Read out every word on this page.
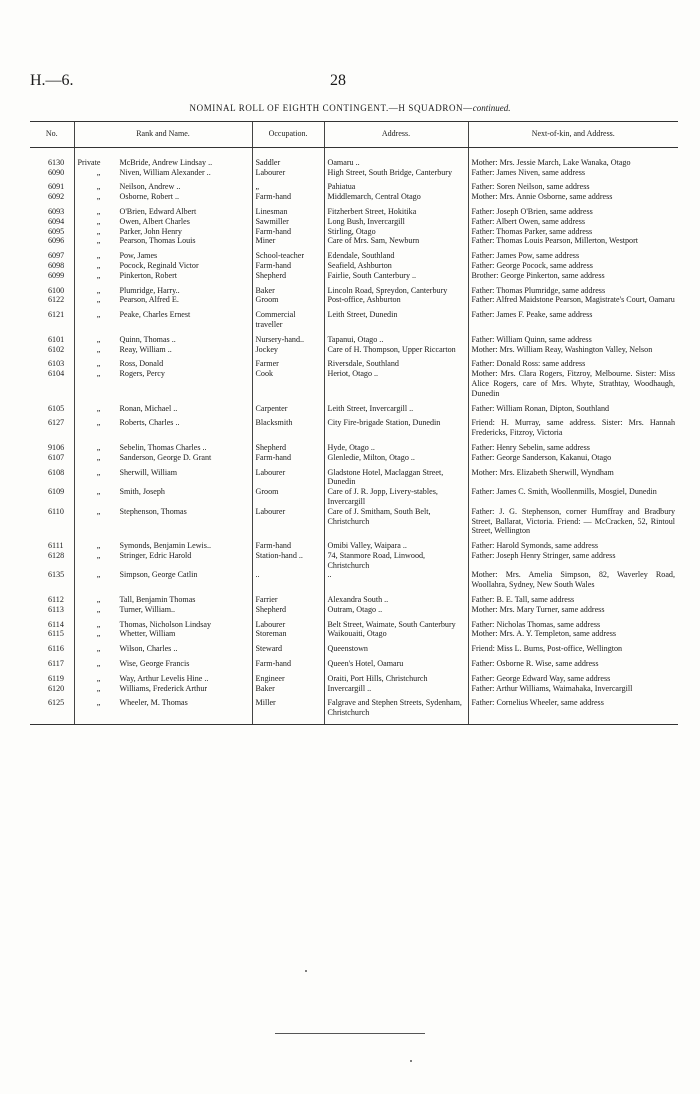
H.—6.	28
NOMINAL ROLL OF EIGHTH CONTINGENT.—H SQUADRON—continued.
No.	Rank and Name.	Occupation.	Address.	Next-of-kin, and Address.
6130	Private McBride, Andrew Lindsay ..	Saddler	Oamaru ..	Mother: Mrs. Jessie March, Lake Wanaka, Otago
6090	„ Niven, William Alexander ..	Labourer	High Street, South Bridge, Canterbury	Father: James Niven, same address
6091	„ Neilson, Andrew ..	„	Pahiatua	Father: Soren Neilson, same address
6092	„ Osborne, Robert ..	Farm-hand	Middlemarch, Central Otago	Mother: Mrs. Annie Osborne, same address
6093	„ O'Brien, Edward Albert	Linesman	Fitzherbert Street, Hokitika	Father: Joseph O'Brien, same address
6094	„ Owen, Albert Charles	Sawmiller	Long Bush, Invercargill	Father: Albert Owen, same address
6095	„ Parker, John Henry	Farm-hand	Stirling, Otago	Father: Thomas Parker, same address
6096	„ Pearson, Thomas Louis	Miner	Care of Mrs. Sam, Newburn	Father: Thomas Louis Pearson, Millerton, Westport
6097	„ Pow, James	School-teacher	Edendale, Southland	Father: James Pow, same address
6098	„ Pocock, Reginald Victor	Farm-hand	Seafield, Ashburton	Father: George Pocock, same address
6099	„ Pinkerton, Robert	Shepherd	Fairlie, South Canterbury ..	Brother: George Pinkerton, same address
6100	„ Plumridge, Harry..	Baker	Lincoln Road, Spreydon, Canterbury	Father: Thomas Plumridge, same address
6122	„ Pearson, Alfred E.	Groom	Post-office, Ashburton	Father: Alfred Maidstone Pearson, Magistrate's Court, Oamaru
6121	„ Peake, Charles Ernest	Commercial traveller	Leith Street, Dunedin	Father: James F. Peake, same address
6101	„ Quinn, Thomas ..	Nursery-hand..	Tapanui, Otago ..	Father: William Quinn, same address
6102	„ Reay, William ..	Jockey	Care of H. Thompson, Upper Riccarton	Mother: Mrs. William Reay, Washington Valley, Nelson
6103	„ Ross, Donald	Farmer	Riversdale, Southland	Father: Donald Ross: same address
6104	„ Rogers, Percy	Cook	Heriot, Otago ..	Mother: Mrs. Clara Rogers, Fitzroy, Melbourne. Sister: Miss Alice Rogers, care of Mrs. Whyte, Strathtay, Woodhaugh, Dunedin
6105	„ Ronan, Michael ..	Carpenter	Leith Street, Invercargill ..	Father: William Ronan, Dipton, Southland
6127	„ Roberts, Charles ..	Blacksmith	City Fire-brigade Station, Dunedin	Friend: H. Murray, same address. Sister: Mrs. Hannah Fredericks, Fitzroy, Victoria
9106	„ Sebelin, Thomas Charles ..	Shepherd	Hyde, Otago ..	Father: Henry Sebelin, same address
6107	„ Sanderson, George D. Grant	Farm-hand	Glenledie, Milton, Otago ..	Father: George Sanderson, Kakanui, Otago
6108	„ Sherwill, William	Labourer	Gladstone Hotel, Maclaggan Street, Dunedin	Mother: Mrs. Elizabeth Sherwill, Wyndham
6109	„ Smith, Joseph	Groom	Care of J. R. Jopp, Livery-stables, Invercargill	Father: James C. Smith, Woollenmills, Mosgiel, Dunedin
6110	„ Stephenson, Thomas	Labourer	Care of J. Smitham, South Belt, Christchurch	Father: J. G. Stephenson, corner Humffray and Bradbury Street, Ballarat, Victoria. Friend: — McCracken, 52, Rintoul Street, Wellington
6111	„ Symonds, Benjamin Lewis..	Farm-hand	Omibi Valley, Waipara ..	Father: Harold Symonds, same address
6128	„ Stringer, Edric Harold	Station-hand ..	74, Stanmore Road, Linwood, Christchurch	Father: Joseph Henry Stringer, same address
6135	„ Simpson, George Catlin	..	..	Mother: Mrs. Amelia Simpson, 82, Waverley Road, Woollahra, Sydney, New South Wales
6112	„ Tall, Benjamin Thomas	Farrier	Alexandra South ..	Father: B. E. Tall, same address
6113	„ Turner, William..	Shepherd	Outram, Otago ..	Mother: Mrs. Mary Turner, same address
6114	„ Thomas, Nicholson Lindsay	Labourer	Belt Street, Waimate, South Canterbury	Father: Nicholas Thomas, same address
6115	„ Whetter, William	Storeman	Waikouaiti, Otago	Mother: Mrs. A. Y. Templeton, same address
6116	„ Wilson, Charles ..	Steward	Queenstown	Friend: Miss L. Burns, Post-office, Wellington
6117	„ Wise, George Francis	Farm-hand	Queen's Hotel, Oamaru	Father: Osborne R. Wise, same address
6119	„ Way, Arthur Levelis Hine ..	Engineer	Oraiti, Port Hills, Christchurch	Father: George Edward Way, same address
6120	„ Williams, Frederick Arthur	Baker	Invercargill ..	Father: Arthur Williams, Waimahaka, Invercargill
6125	„ Wheeler, M. Thomas	Miller	Falgrave and Stephen Streets, Sydenham, Christchurch	Father: Cornelius Wheeler, same address
